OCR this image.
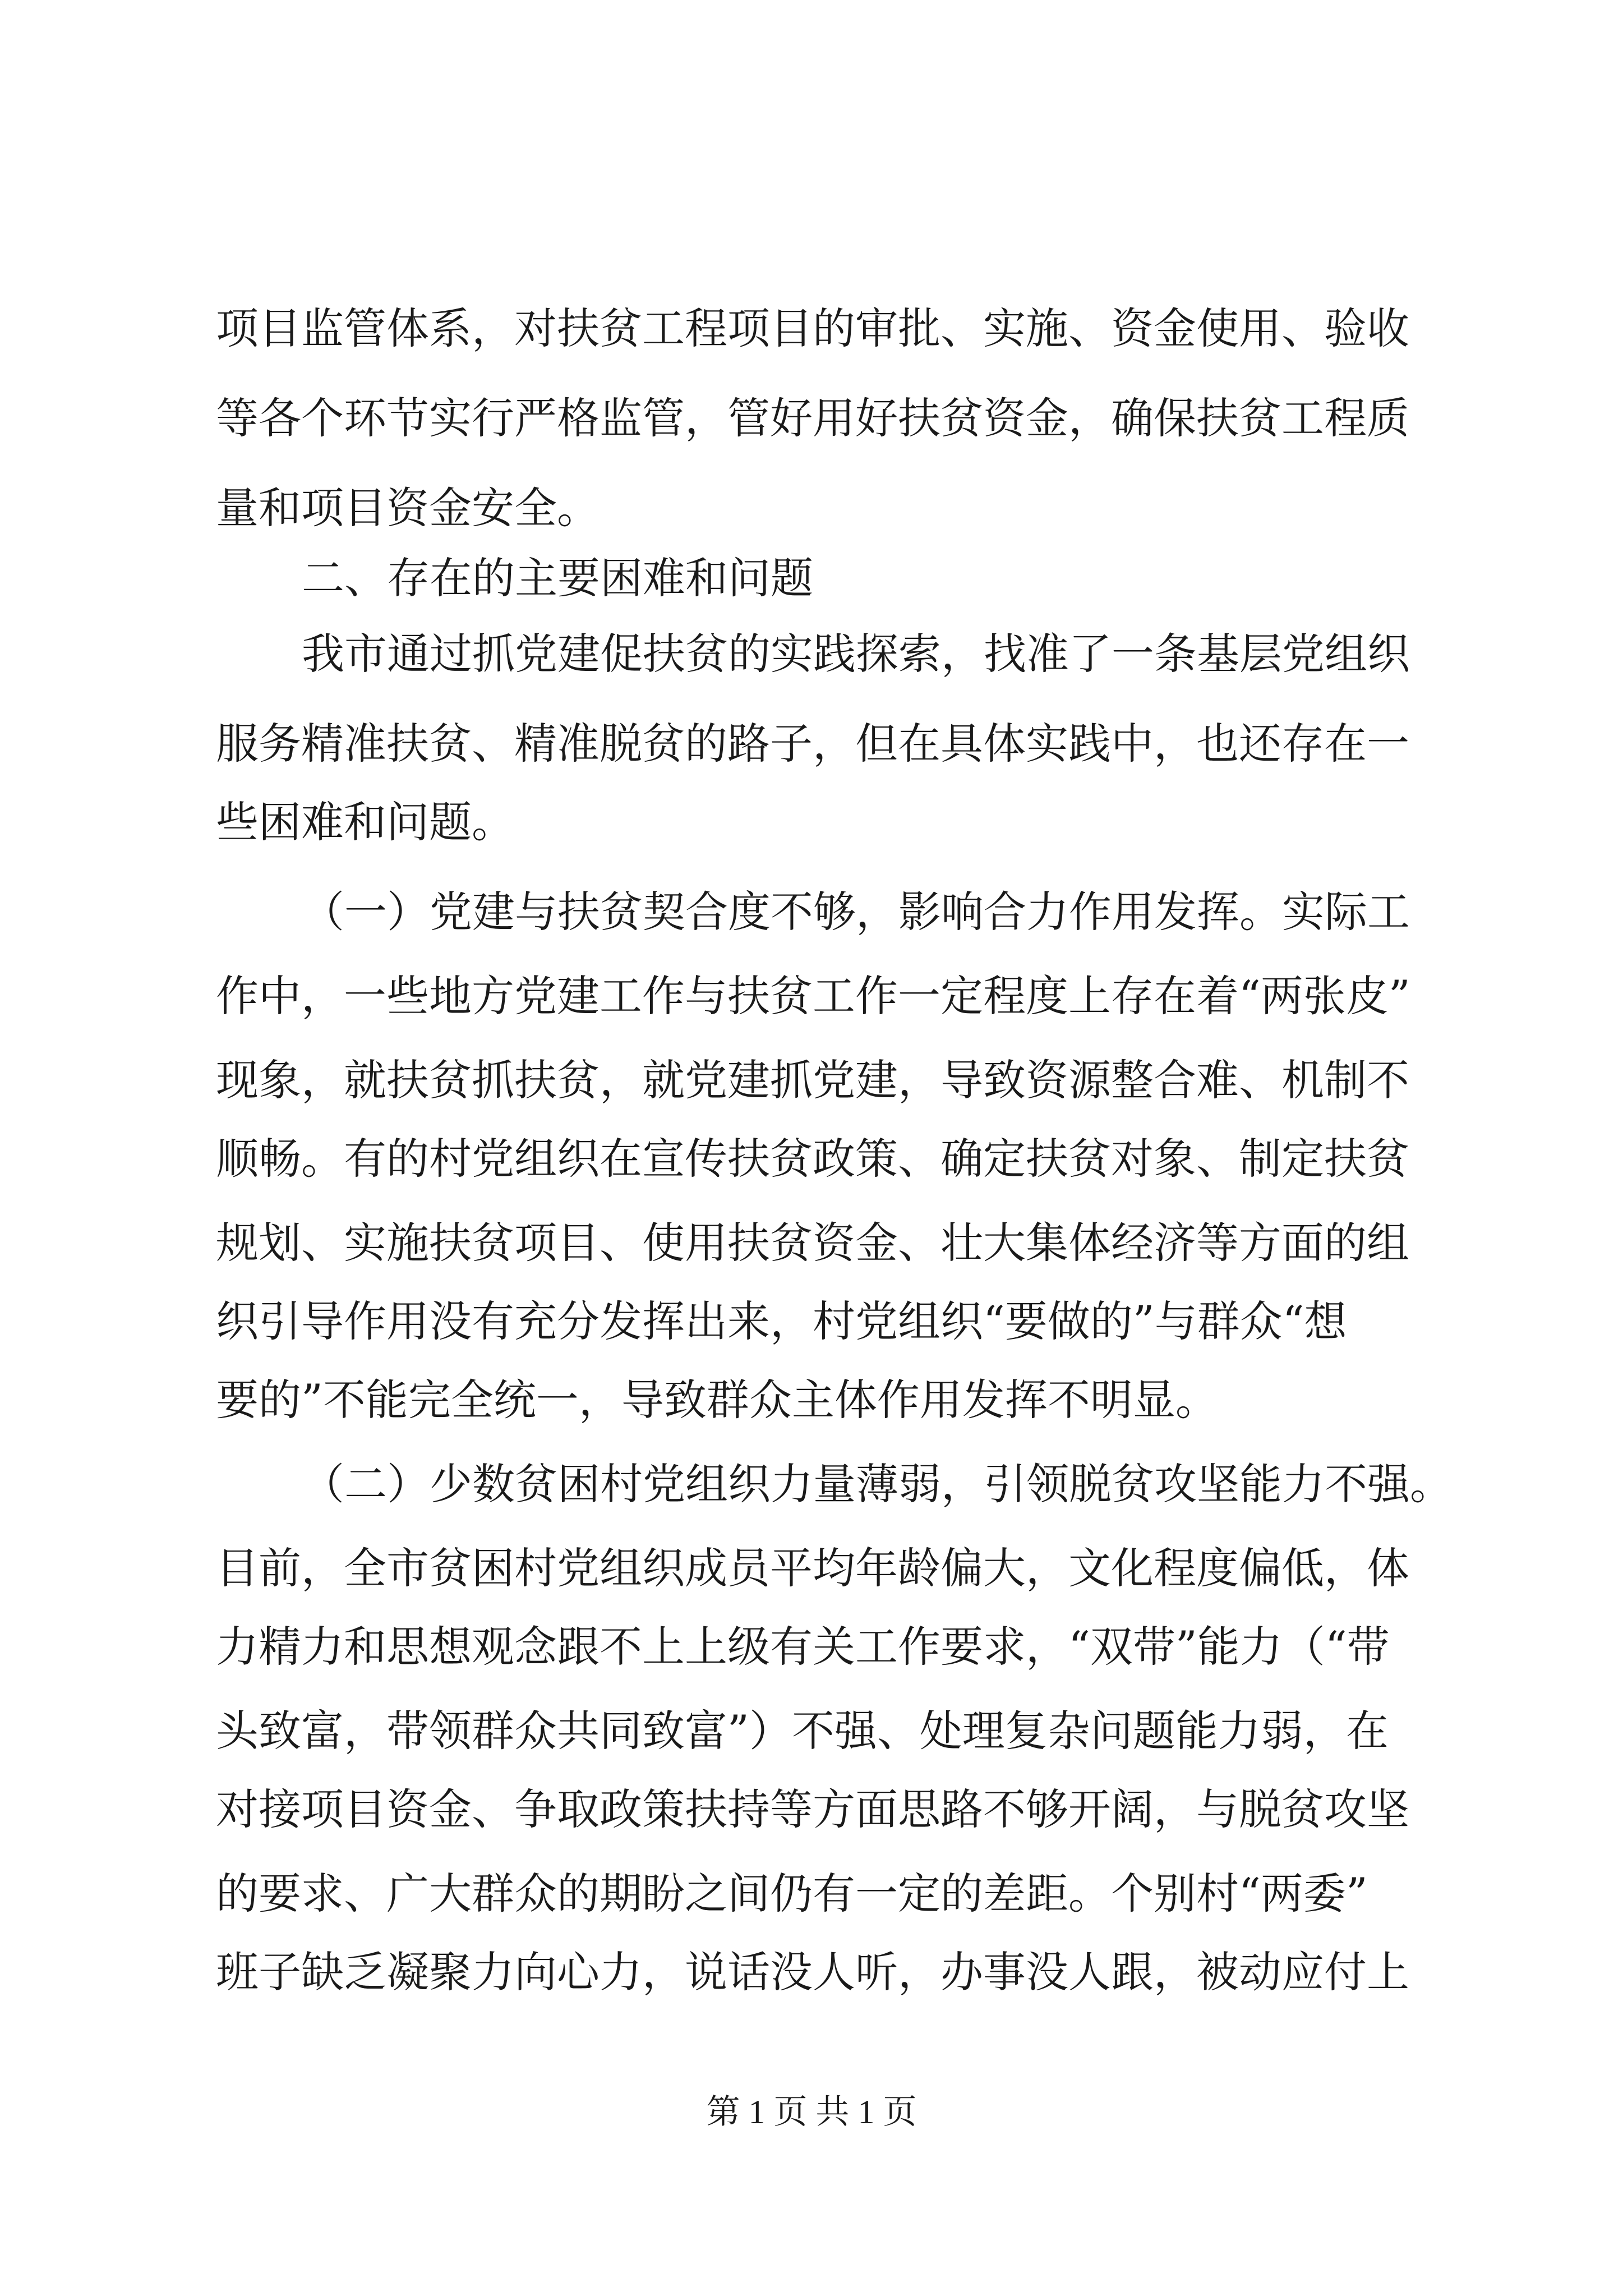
项目监管体系，对扶贫工程项目的审批、实施、资金使用、验收
等各个环节实行严格监管，管好用好扶贫资金，确保扶贫工程质
量和项目资金安全。
二、存在的主要困难和问题
我市通过抓党建促扶贫的实践探索，找准了一条基层党组织
服务精准扶贫、精准脱贫的路子，但在具体实践中，也还存在一
些困难和问题。
（一）党建与扶贫契合度不够，影响合力作用发挥。实际工
作中，一些地方党建工作与扶贫工作一定程度上存在着“两张皮”
现象，就扶贫抓扶贫，就党建抓党建，导致资源整合难、机制不
顺畅。有的村党组织在宣传扶贫政策、确定扶贫对象、制定扶贫
规划、实施扶贫项目、使用扶贫资金、壮大集体经济等方面的组
织引导作用没有充分发挥出来，村党组织“要做的”与群众“想
要的”不能完全统一，导致群众主体作用发挥不明显。
（二）少数贫困村党组织力量薄弱，引领脱贫攻坚能力不强。
目前，全市贫困村党组织成员平均年龄偏大，文化程度偏低，体
力精力和思想观念跟不上上级有关工作要求，“双带”能力（“带
头致富，带领群众共同致富”）不强、处理复杂问题能力弱，在
对接项目资金、争取政策扶持等方面思路不够开阔，与脱贫攻坚
的要求、广大群众的期盼之间仍有一定的差距。个别村“两委”
班子缺乏凝聚力向心力，说话没人听，办事没人跟，被动应付上
第 1 页 共 1 页
